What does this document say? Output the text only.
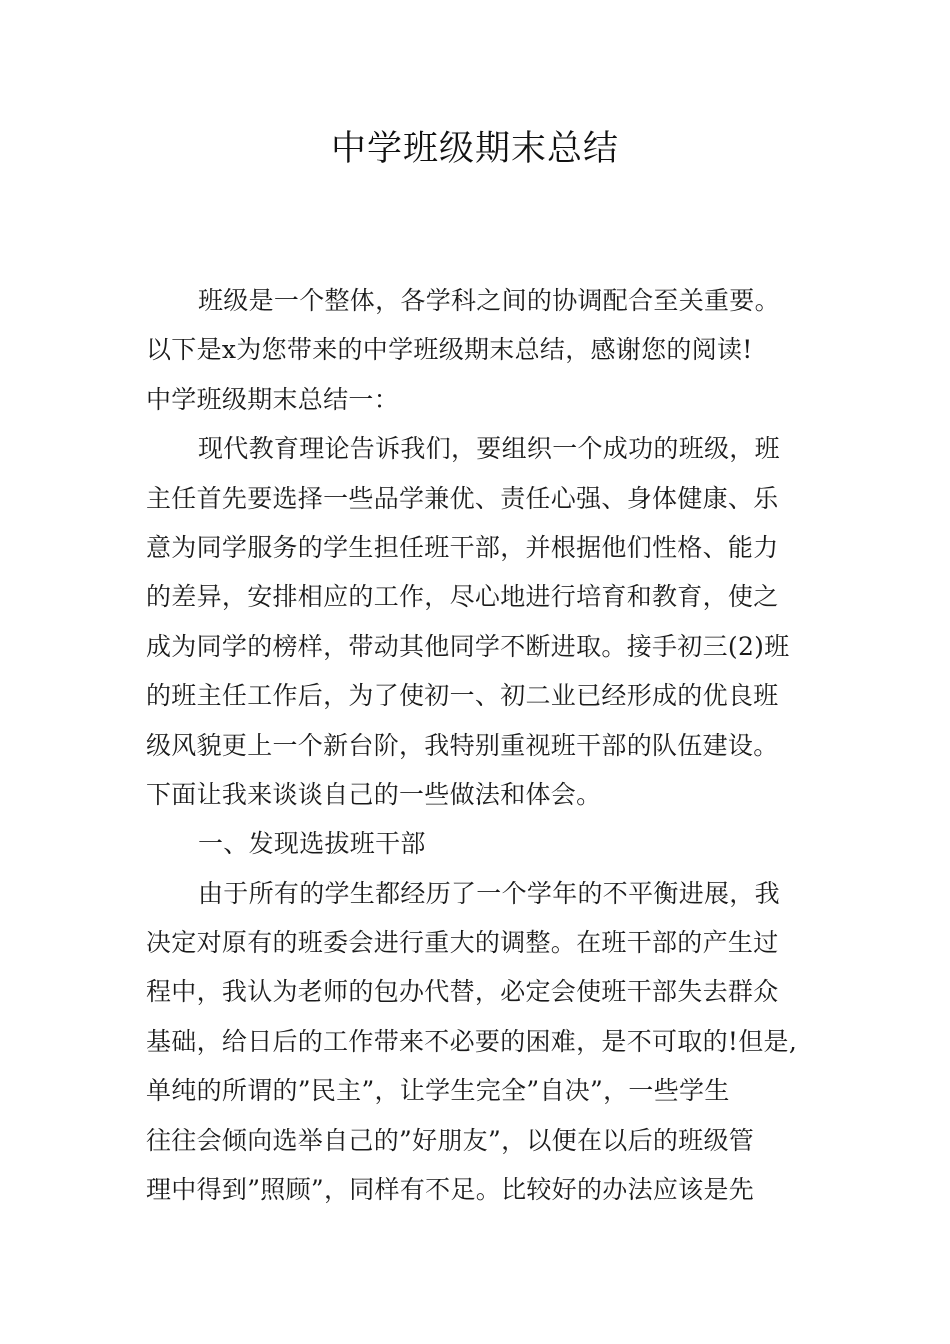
中学班级期末总结
班级是一个整体，各学科之间的协调配合至关重要。
以下是x为您带来的中学班级期末总结，感谢您的阅读!
中学班级期末总结一：
现代教育理论告诉我们，要组织一个成功的班级，班
主任首先要选择一些品学兼优、责任心强、身体健康、乐
意为同学服务的学生担任班干部，并根据他们性格、能力
的差异，安排相应的工作，尽心地进行培育和教育，使之
成为同学的榜样，带动其他同学不断进取。接手初三(2)班
的班主任工作后，为了使初一、初二业已经形成的优良班
级风貌更上一个新台阶，我特别重视班干部的队伍建设。
下面让我来谈谈自己的一些做法和体会。
一、发现选拔班干部
由于所有的学生都经历了一个学年的不平衡进展，我
决定对原有的班委会进行重大的调整。在班干部的产生过
程中，我认为老师的包办代替，必定会使班干部失去群众
基础，给日后的工作带来不必要的困难，是不可取的!但是,
单纯的所谓的”民主”，让学生完全”自决”，一些学生
往往会倾向选举自己的”好朋友”，以便在以后的班级管
理中得到”照顾”，同样有不足。比较好的办法应该是先
